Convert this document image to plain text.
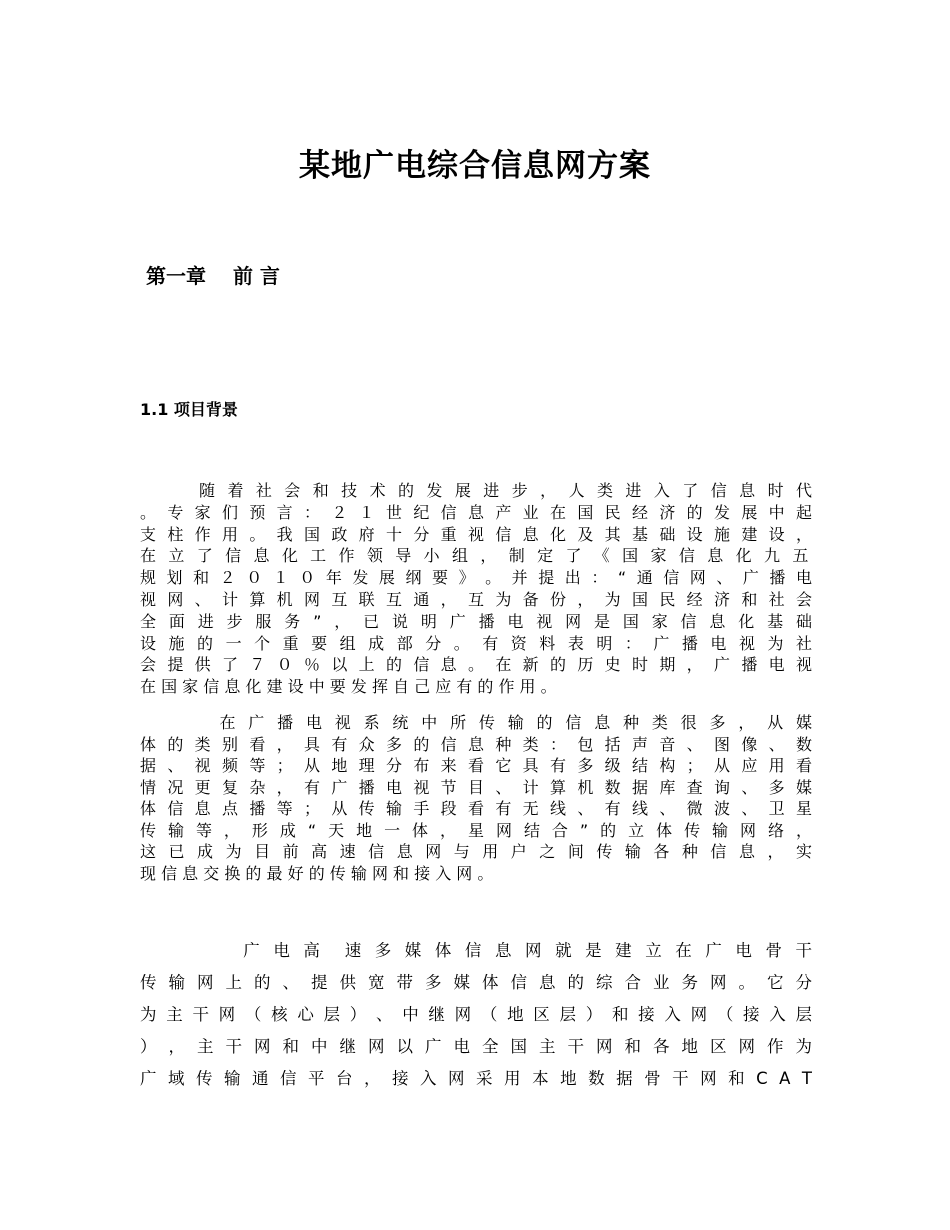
某地广电综合信息网方案
第一章　 前 言
1.1 项目背景
　　　随 着 社 会 和 技 术 的 发 展 进 步 ， 人 类 进 入 了 信 息 时 代
。 专 家 们 预 言 ： ２ １ 世 纪 信 息 产 业 在 国 民 经 济 的 发 展 中 起
支 柱 作 用 。 我 国 政 府 十 分 重 视 信 息 化 及 其 基 础 设 施 建 设 ，
在 立 了 信 息 化 工 作 领 导 小 组 ， 制 定 了 《 国 家 信 息 化 九 五
规 划 和 ２ ０ １ ０ 年 发 展 纲 要 》 。 并 提 出 ： “ 通 信 网 、 广 播 电
视 网 、 计 算 机 网 互 联 互 通 ， 互 为 备 份 ， 为 国 民 经 济 和 社 会
全 面 进 步 服 务 ” ， 已 说 明 广 播 电 视 网 是 国 家 信 息 化 基 础
设 施 的 一 个 重 要 组 成 部 分 。 有 资 料 表 明 ： 广 播 电 视 为 社
会 提 供 了 ７ ０ ％ 以 上 的 信 息 。 在 新 的 历 史 时 期 ， 广 播 电 视
在 国 家 信 息 化 建 设 中 要 发 挥 自 己 应 有 的 作 用 。
　　　　在 广 播 电 视 系 统 中 所 传 输 的 信 息 种 类 很 多 ， 从 媒
体 的 类 别 看 ， 具 有 众 多 的 信 息 种 类 ： 包 括 声 音 、 图 像 、 数
据 、 视 频 等 ； 从 地 理 分 布 来 看 它 具 有 多 级 结 构 ； 从 应 用 看
情 况 更 复 杂 ， 有 广 播 电 视 节 目 、 计 算 机 数 据 库 查 询 、 多 媒
体 信 息 点 播 等 ； 从 传 输 手 段 看 有 无 线 、 有 线 、 微 波 、 卫 星
传 输 等 ， 形 成 “ 天 地 一 体 ， 星 网 结 合 ” 的 立 体 传 输 网 络 ，
这 已 成 为 目 前 高 速 信 息 网 与 用 户 之 间 传 输 各 种 信 息 ， 实
现 信 息 交 换 的 最 好 的 传 输 网 和 接 入 网 。
　　　　　广 电 高　速 多 媒 体 信 息 网 就 是 建 立 在 广 电 骨 干
传 输 网 上 的 、 提 供 宽 带 多 媒 体 信 息 的 综 合 业 务 网 。 它 分
为 主 干 网 （ 核 心 层 ） 、 中 继 网 （ 地 区 层 ） 和 接 入 网 （ 接 入 层
） ， 主 干 网 和 中 继 网 以 广 电 全 国 主 干 网 和 各 地 区 网 作 为
广 域 传 输 通 信 平 台 ， 接 入 网 采 用 本 地 数 据 骨 干 网 和 C A T
